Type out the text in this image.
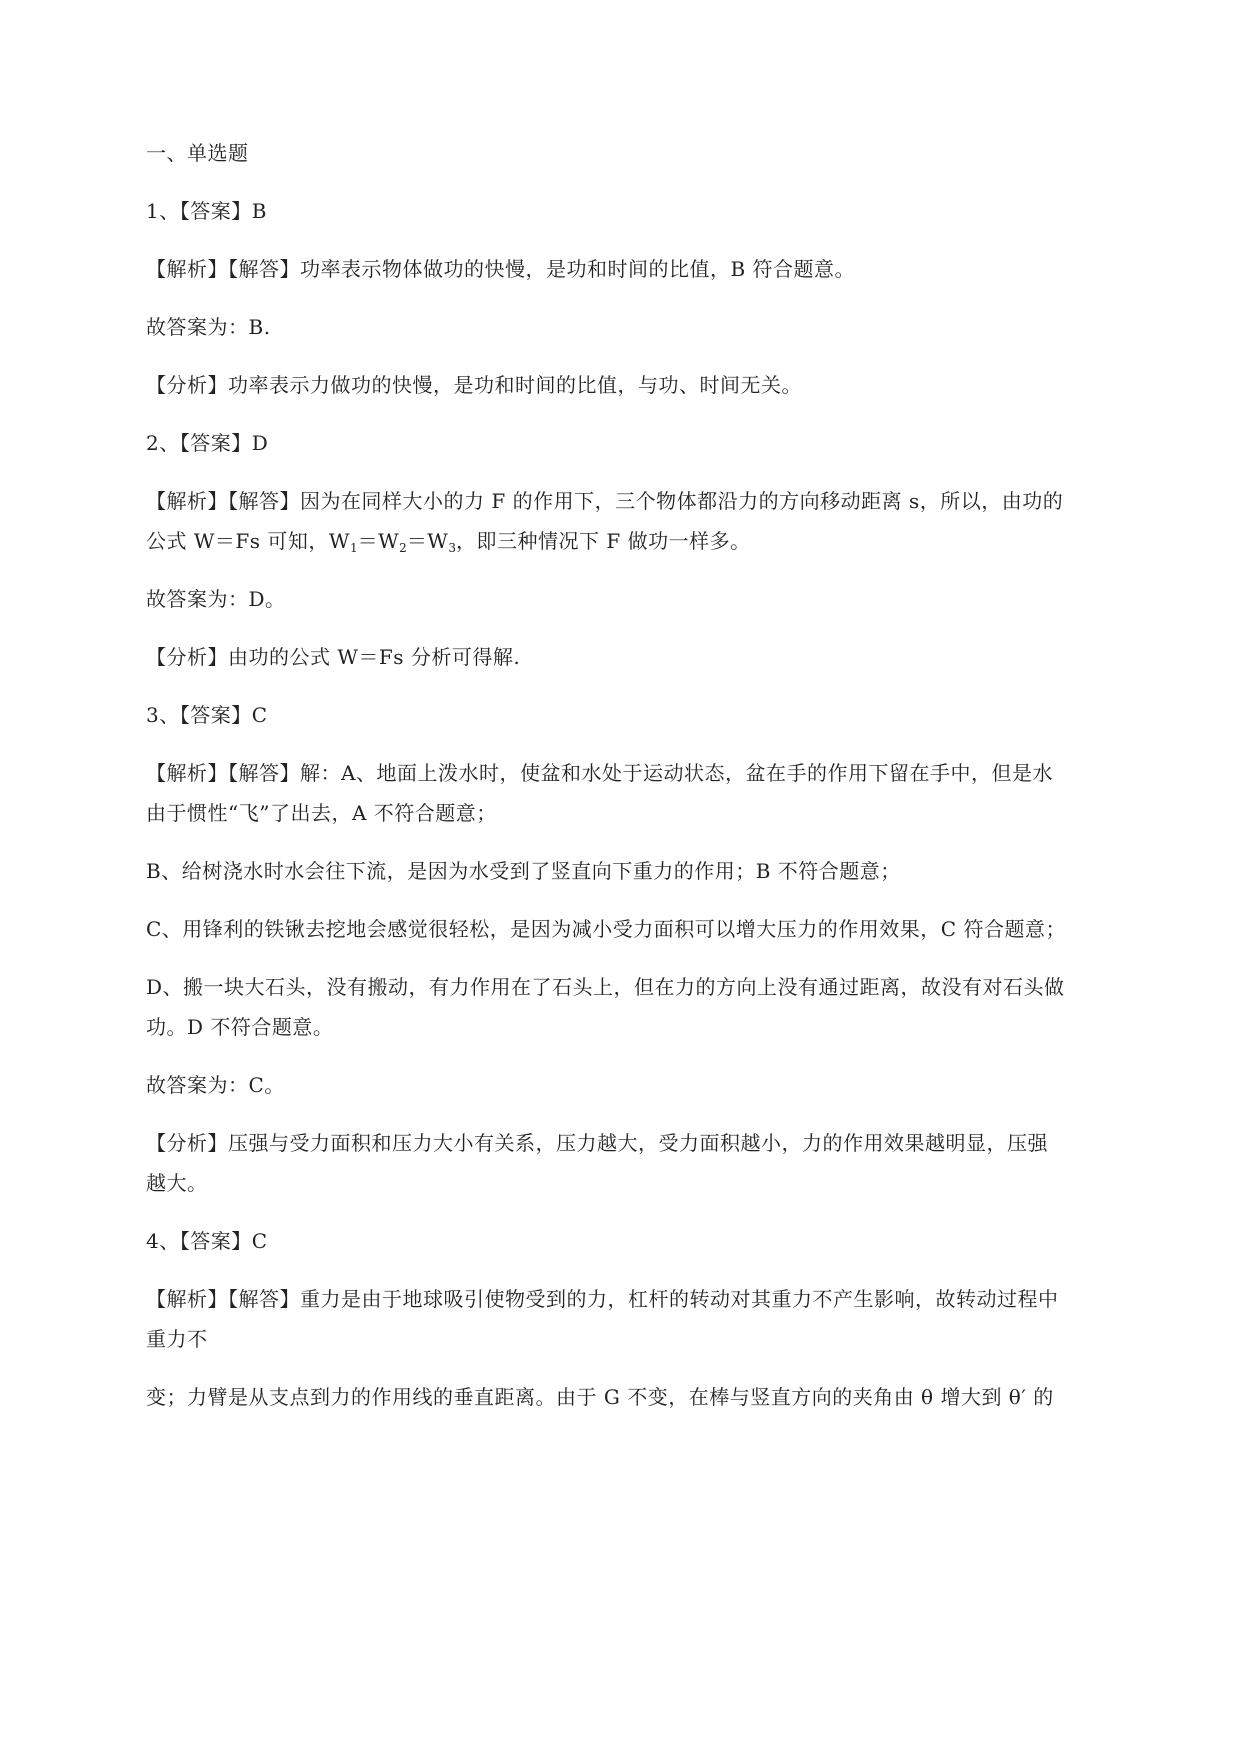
一、单选题

1、【答案】B

【解析】【解答】功率表示物体做功的快慢，是功和时间的比值，B 符合题意。

故答案为：B.

【分析】功率表示力做功的快慢，是功和时间的比值，与功、时间无关。

2、【答案】D

【解析】【解答】因为在同样大小的力 F 的作用下，三个物体都沿力的方向移动距离 s，所以，由功的

公式 W＝Fs 可知，$W_1=W_2=W_3$，即三种情况下 F 做功一样多。

故答案为：D。

【分析】由功的公式 W＝Fs 分析可得解.

3、【答案】C

【解析】【解答】解：A、地面上泼水时，使盆和水处于运动状态，盆在手的作用下留在手中，但是水

由于惯性“飞”了出去，A 不符合题意；

B、给树浇水时水会往下流，是因为水受到了竖直向下重力的作用；B 不符合题意；

C、用锋利的铁锹去挖地会感觉很轻松，是因为减小受力面积可以增大压力的作用效果，C 符合题意；

D、搬一块大石头，没有搬动，有力作用在了石头上，但在力的方向上没有通过距离，故没有对石头做

功。D 不符合题意。

故答案为：C。

【分析】压强与受力面积和压力大小有关系，压力越大，受力面积越小，力的作用效果越明显，压强

越大。

4、【答案】C

【解析】【解答】重力是由于地球吸引使物受到的力，杠杆的转动对其重力不产生影响，故转动过程中

重力不

变；力臂是从支点到力的作用线的垂直距离。由于 G 不变，在棒与竖直方向的夹角由 θ 增大到 θ′ 的
